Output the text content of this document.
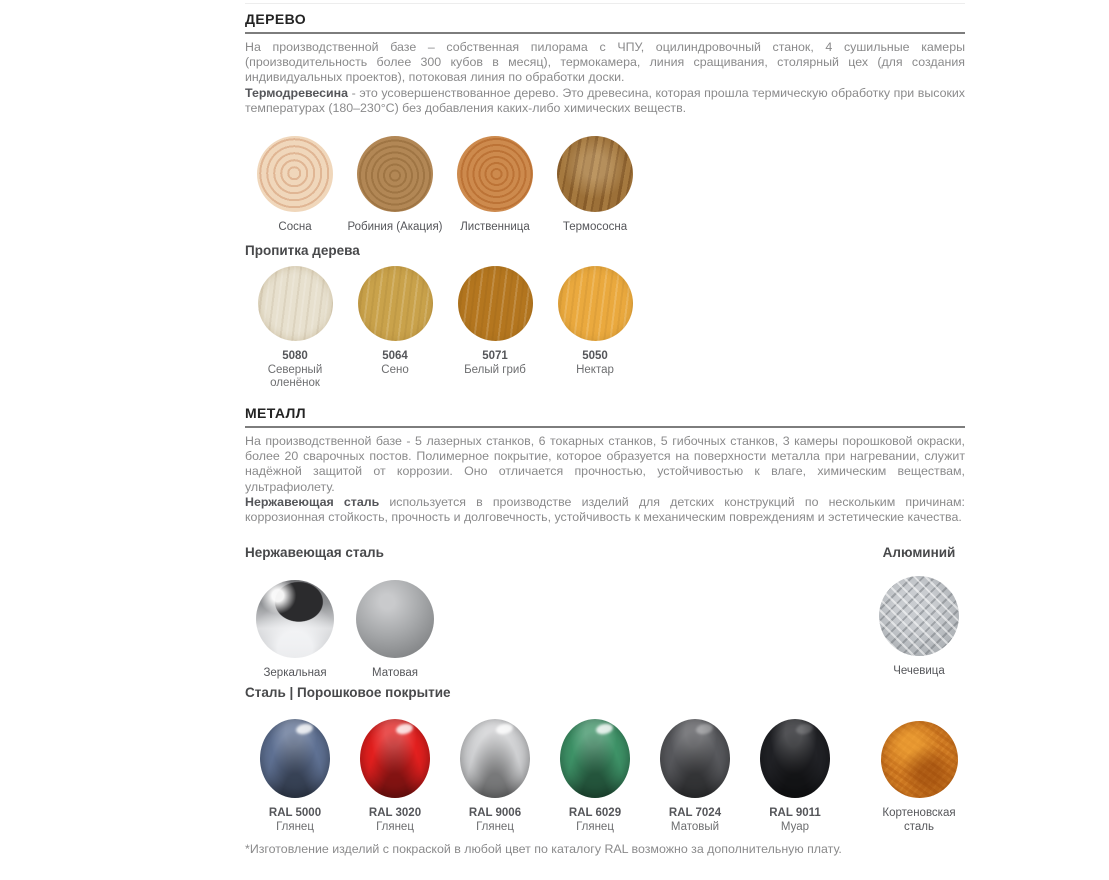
ДЕРЕВО

На производственной базе – собственная пилорама с ЧПУ, оцилиндровочный станок, 4 сушильные камеры (производительность более 300 кубов в месяц), термокамера, линия сращивания, столярный цех (для создания индивидуальных проектов), потоковая линия по обработки доски.

Термодревесина - это усовершенствованное дерево. Это древесина, которая прошла термическую обработку при высоких температурах (180–230°С) без добавления каких-либо химических веществ.

Сосна	Робиния (Акация) Лиственница	Термососна
Пропитка дерева
5080
Северный оленёнок
5064
Сено
5071
Белый гриб
5050
Нектар
МЕТАЛЛ

На производственной базе - 5 лазерных станков, 6 токарных станков, 5 гибочных станков, 3 камеры порошковой окраски, более 20 сварочных постов. Полимерное покрытие, которое образуется на поверхности металла при нагревании, служит надёжной защитой от коррозии. Оно отличается прочностью, устойчивостью к влаге, химическим веществам, ультрафиолету.

Нержавеющая сталь используется в производстве изделий для детских конструкций по нескольким причинам: коррозионная стойкость, прочность и долговечность, устойчивость к механическим повреждениям и эстетические качества.

Нержавеющая сталь
Зеркальная	Матовая
Алюминий
Чечевица
Сталь | Порошковое покрытие
RAL 5000
Глянец
RAL 3020
Глянец
RAL 9006
Глянец
RAL 6029
Глянец
RAL 7024
Матовый
RAL 9011
Муар
Кортеновская сталь

*Изготовление изделий с покраской в любой цвет по каталогу RAL возможно за дополнительную плату.
